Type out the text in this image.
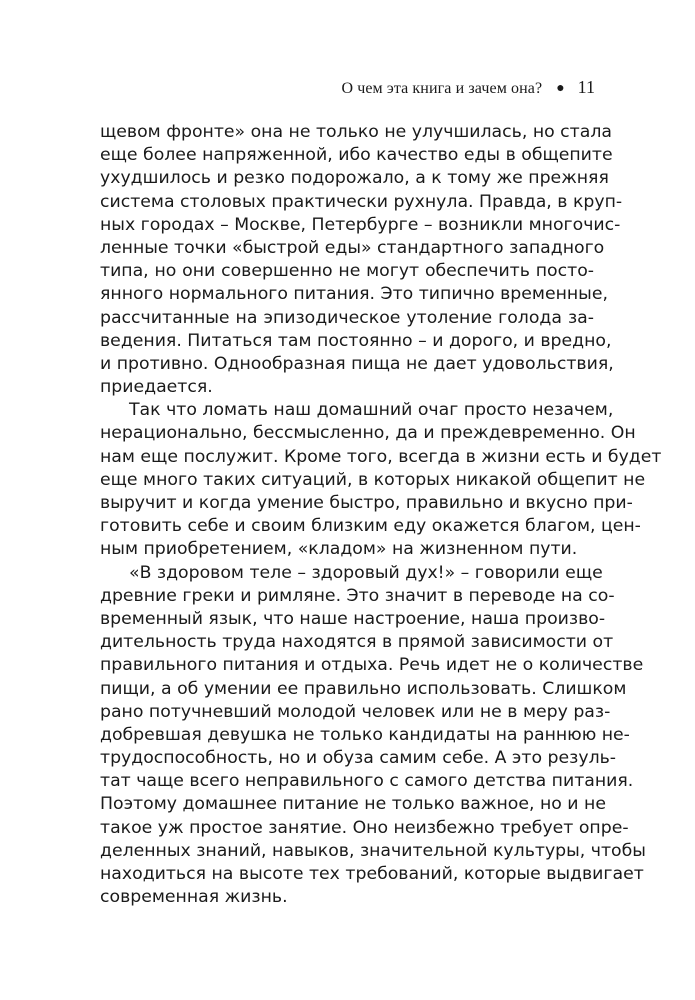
О чем эта книга и зачем она? ● 11
щевом фронте» она не только не улучшилась, но стала
еще более напряженной, ибо качество еды в общепите
ухудшилось и резко подорожало, а к тому же прежняя
система столовых практически рухнула. Правда, в круп-
ных городах – Москве, Петербурге – возникли многочис-
ленные точки «быстрой еды» стандартного западного
типа, но они совершенно не могут обеспечить посто-
янного нормального питания. Это типично временные,
рассчитанные на эпизодическое утоление голода за-
ведения. Питаться там постоянно – и дорого, и вредно,
и противно. Однообразная пища не дает удовольствия,
приедается.
Так что ломать наш домашний очаг просто незачем,
нерационально, бессмысленно, да и преждевременно. Он
нам еще послужит. Кроме того, всегда в жизни есть и будет
еще много таких ситуаций, в которых никакой общепит не
выручит и когда умение быстро, правильно и вкусно при-
готовить себе и своим близким еду окажется благом, цен-
ным приобретением, «кладом» на жизненном пути.
«В здоровом теле – здоровый дух!» – говорили еще
древние греки и римляне. Это значит в переводе на со-
временный язык, что наше настроение, наша произво-
дительность труда находятся в прямой зависимости от
правильного питания и отдыха. Речь идет не о количестве
пищи, а об умении ее правильно использовать. Слишком
рано потучневший молодой человек или не в меру раз-
добревшая девушка не только кандидаты на раннюю не-
трудоспособность, но и обуза самим себе. А это резуль-
тат чаще всего неправильного с самого детства питания.
Поэтому домашнее питание не только важное, но и не
такое уж простое занятие. Оно неизбежно требует опре-
деленных знаний, навыков, значительной культуры, чтобы
находиться на высоте тех требований, которые выдвигает
современная жизнь.
